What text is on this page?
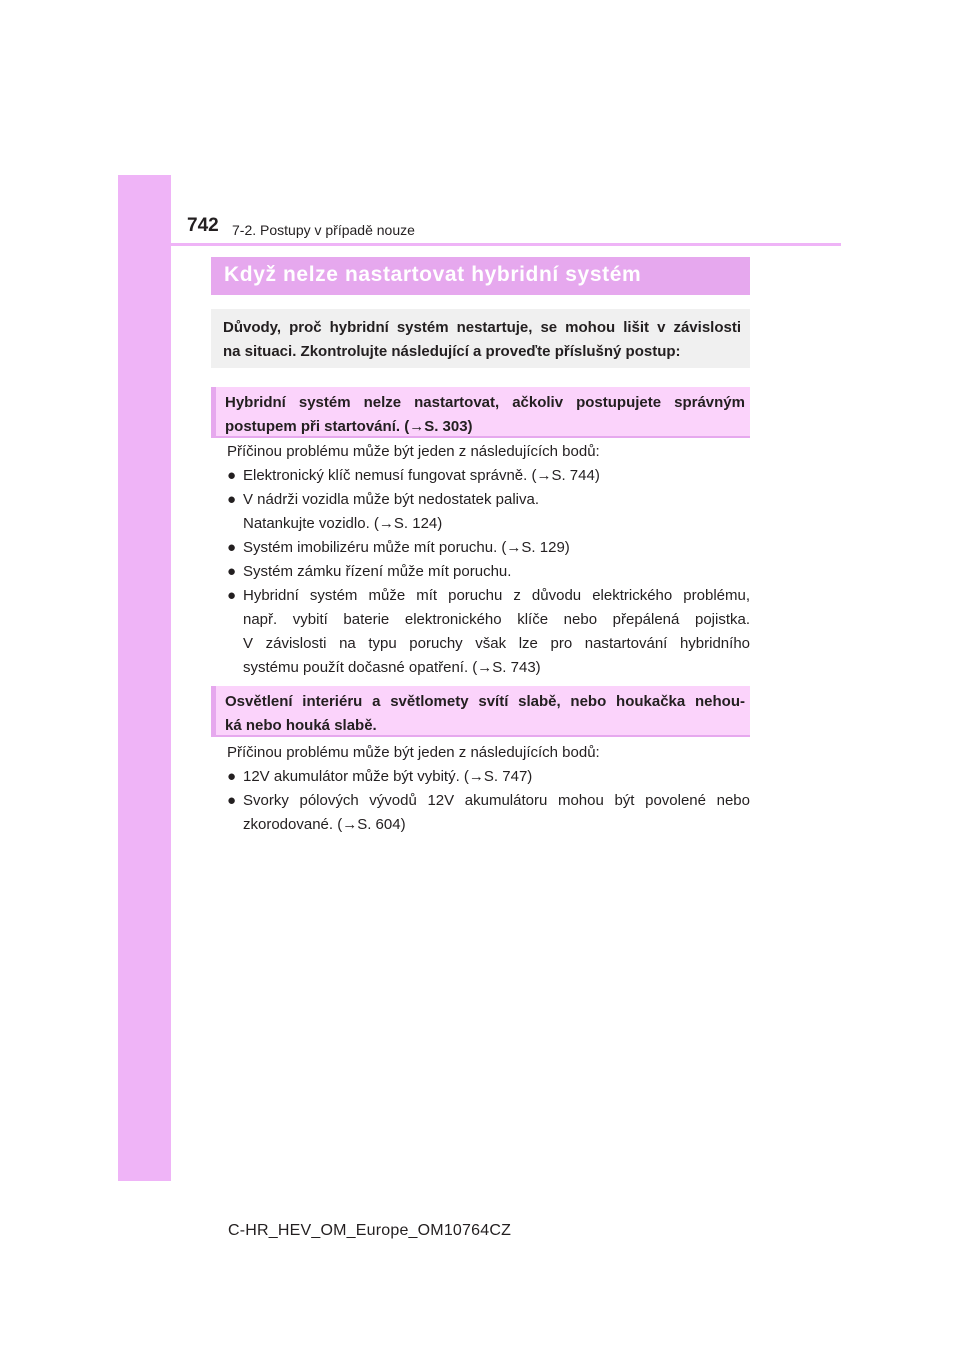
742 7-2. Postupy v případě nouze
Když nelze nastartovat hybridní systém
Důvody, proč hybridní systém nestartuje, se mohou lišit v závislosti
na situaci. Zkontrolujte následující a proveďte příslušný postup:
Hybridní systém nelze nastartovat, ačkoliv postupujete správným
postupem při startování. (→S. 303)
Příčinou problému může být jeden z následujících bodů:
● Elektronický klíč nemusí fungovat správně. (→S. 744)
● V nádrži vozidla může být nedostatek paliva.
Natankujte vozidlo. (→S. 124)
● Systém imobilizéru může mít poruchu. (→S. 129)
● Systém zámku řízení může mít poruchu.
● Hybridní systém může mít poruchu z důvodu elektrického problému,
např. vybití baterie elektronického klíče nebo přepálená pojistka.
V závislosti na typu poruchy však lze pro nastartování hybridního
systému použít dočasné opatření. (→S. 743)
Osvětlení interiéru a světlomety svítí slabě, nebo houkačka nehou-
ká nebo houká slabě.
Příčinou problému může být jeden z následujících bodů:
● 12V akumulátor může být vybitý. (→S. 747)
● Svorky pólových vývodů 12V akumulátoru mohou být povolené nebo
zkorodované. (→S. 604)
C-HR_HEV_OM_Europe_OM10764CZ
